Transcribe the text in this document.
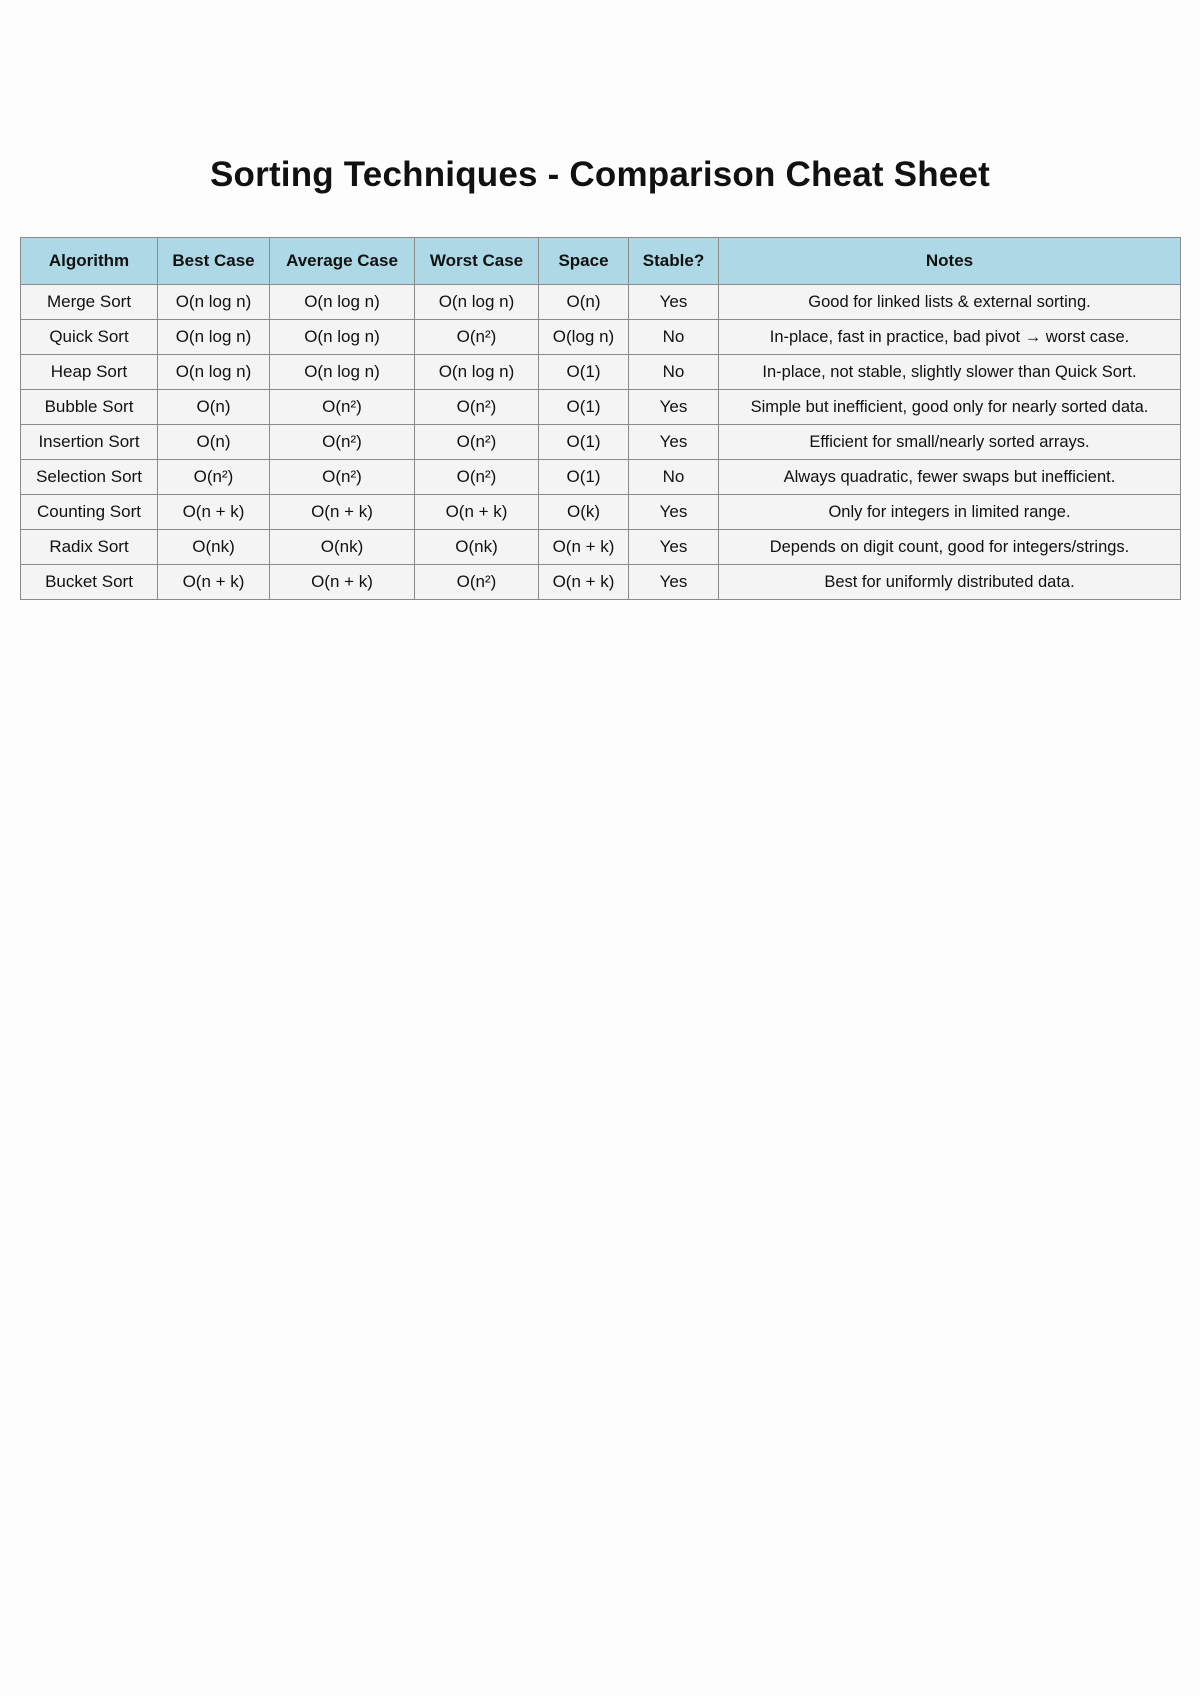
Sorting Techniques - Comparison Cheat Sheet
Algorithm	Best Case	Average Case	Worst Case	Space	Stable?	Notes
Merge Sort	O(n log n)	O(n log n)	O(n log n)	O(n)	Yes	Good for linked lists & external sorting.
Quick Sort	O(n log n)	O(n log n)	O(n²)	O(log n)	No	In-place, fast in practice, bad pivot → worst case.
Heap Sort	O(n log n)	O(n log n)	O(n log n)	O(1)	No	In-place, not stable, slightly slower than Quick Sort.
Bubble Sort	O(n)	O(n²)	O(n²)	O(1)	Yes	Simple but inefficient, good only for nearly sorted data.
Insertion Sort	O(n)	O(n²)	O(n²)	O(1)	Yes	Efficient for small/nearly sorted arrays.
Selection Sort	O(n²)	O(n²)	O(n²)	O(1)	No	Always quadratic, fewer swaps but inefficient.
Counting Sort	O(n + k)	O(n + k)	O(n + k)	O(k)	Yes	Only for integers in limited range.
Radix Sort	O(nk)	O(nk)	O(nk)	O(n + k)	Yes	Depends on digit count, good for integers/strings.
Bucket Sort	O(n + k)	O(n + k)	O(n²)	O(n + k)	Yes	Best for uniformly distributed data.
